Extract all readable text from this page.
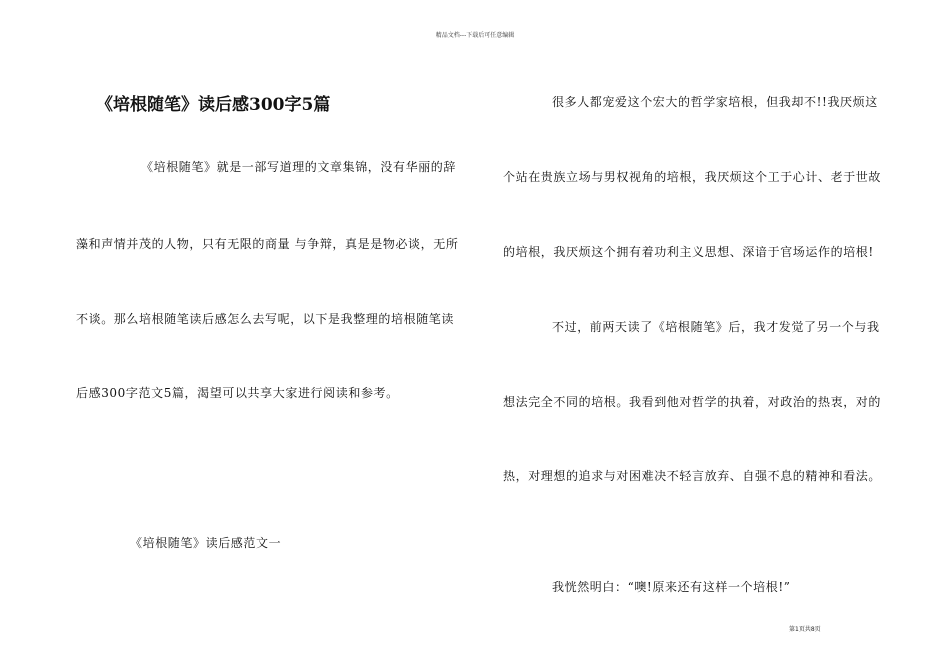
精品文档---下载后可任意编辑
《培根随笔》读后感300字5篇
《培根随笔》就是一部写道理的文章集锦，没有华丽的辞
藻和声情并茂的人物，只有无限的商量 与争辩，真是是物必谈，无所
不谈。那么培根随笔读后感怎么去写呢，以下是我整理的培根随笔读
后感300字范文5篇，渴望可以共享大家进行阅读和参考。
《培根随笔》读后感范文一
很多人都宠爱这个宏大的哲学家培根，但我却不!!我厌烦这
个站在贵族立场与男权视角的培根，我厌烦这个工于心计、老于世故
的培根，我厌烦这个拥有着功利主义思想、深谙于官场运作的培根!
不过，前两天读了《培根随笔》后，我才发觉了另一个与我
想法完全不同的培根。我看到他对哲学的执着，对政治的热衷，对的
热，对理想的追求与对困难决不轻言放弃、自强不息的精神和看法。
我恍然明白：“噢!原来还有这样一个培根!”
第1页共8页
